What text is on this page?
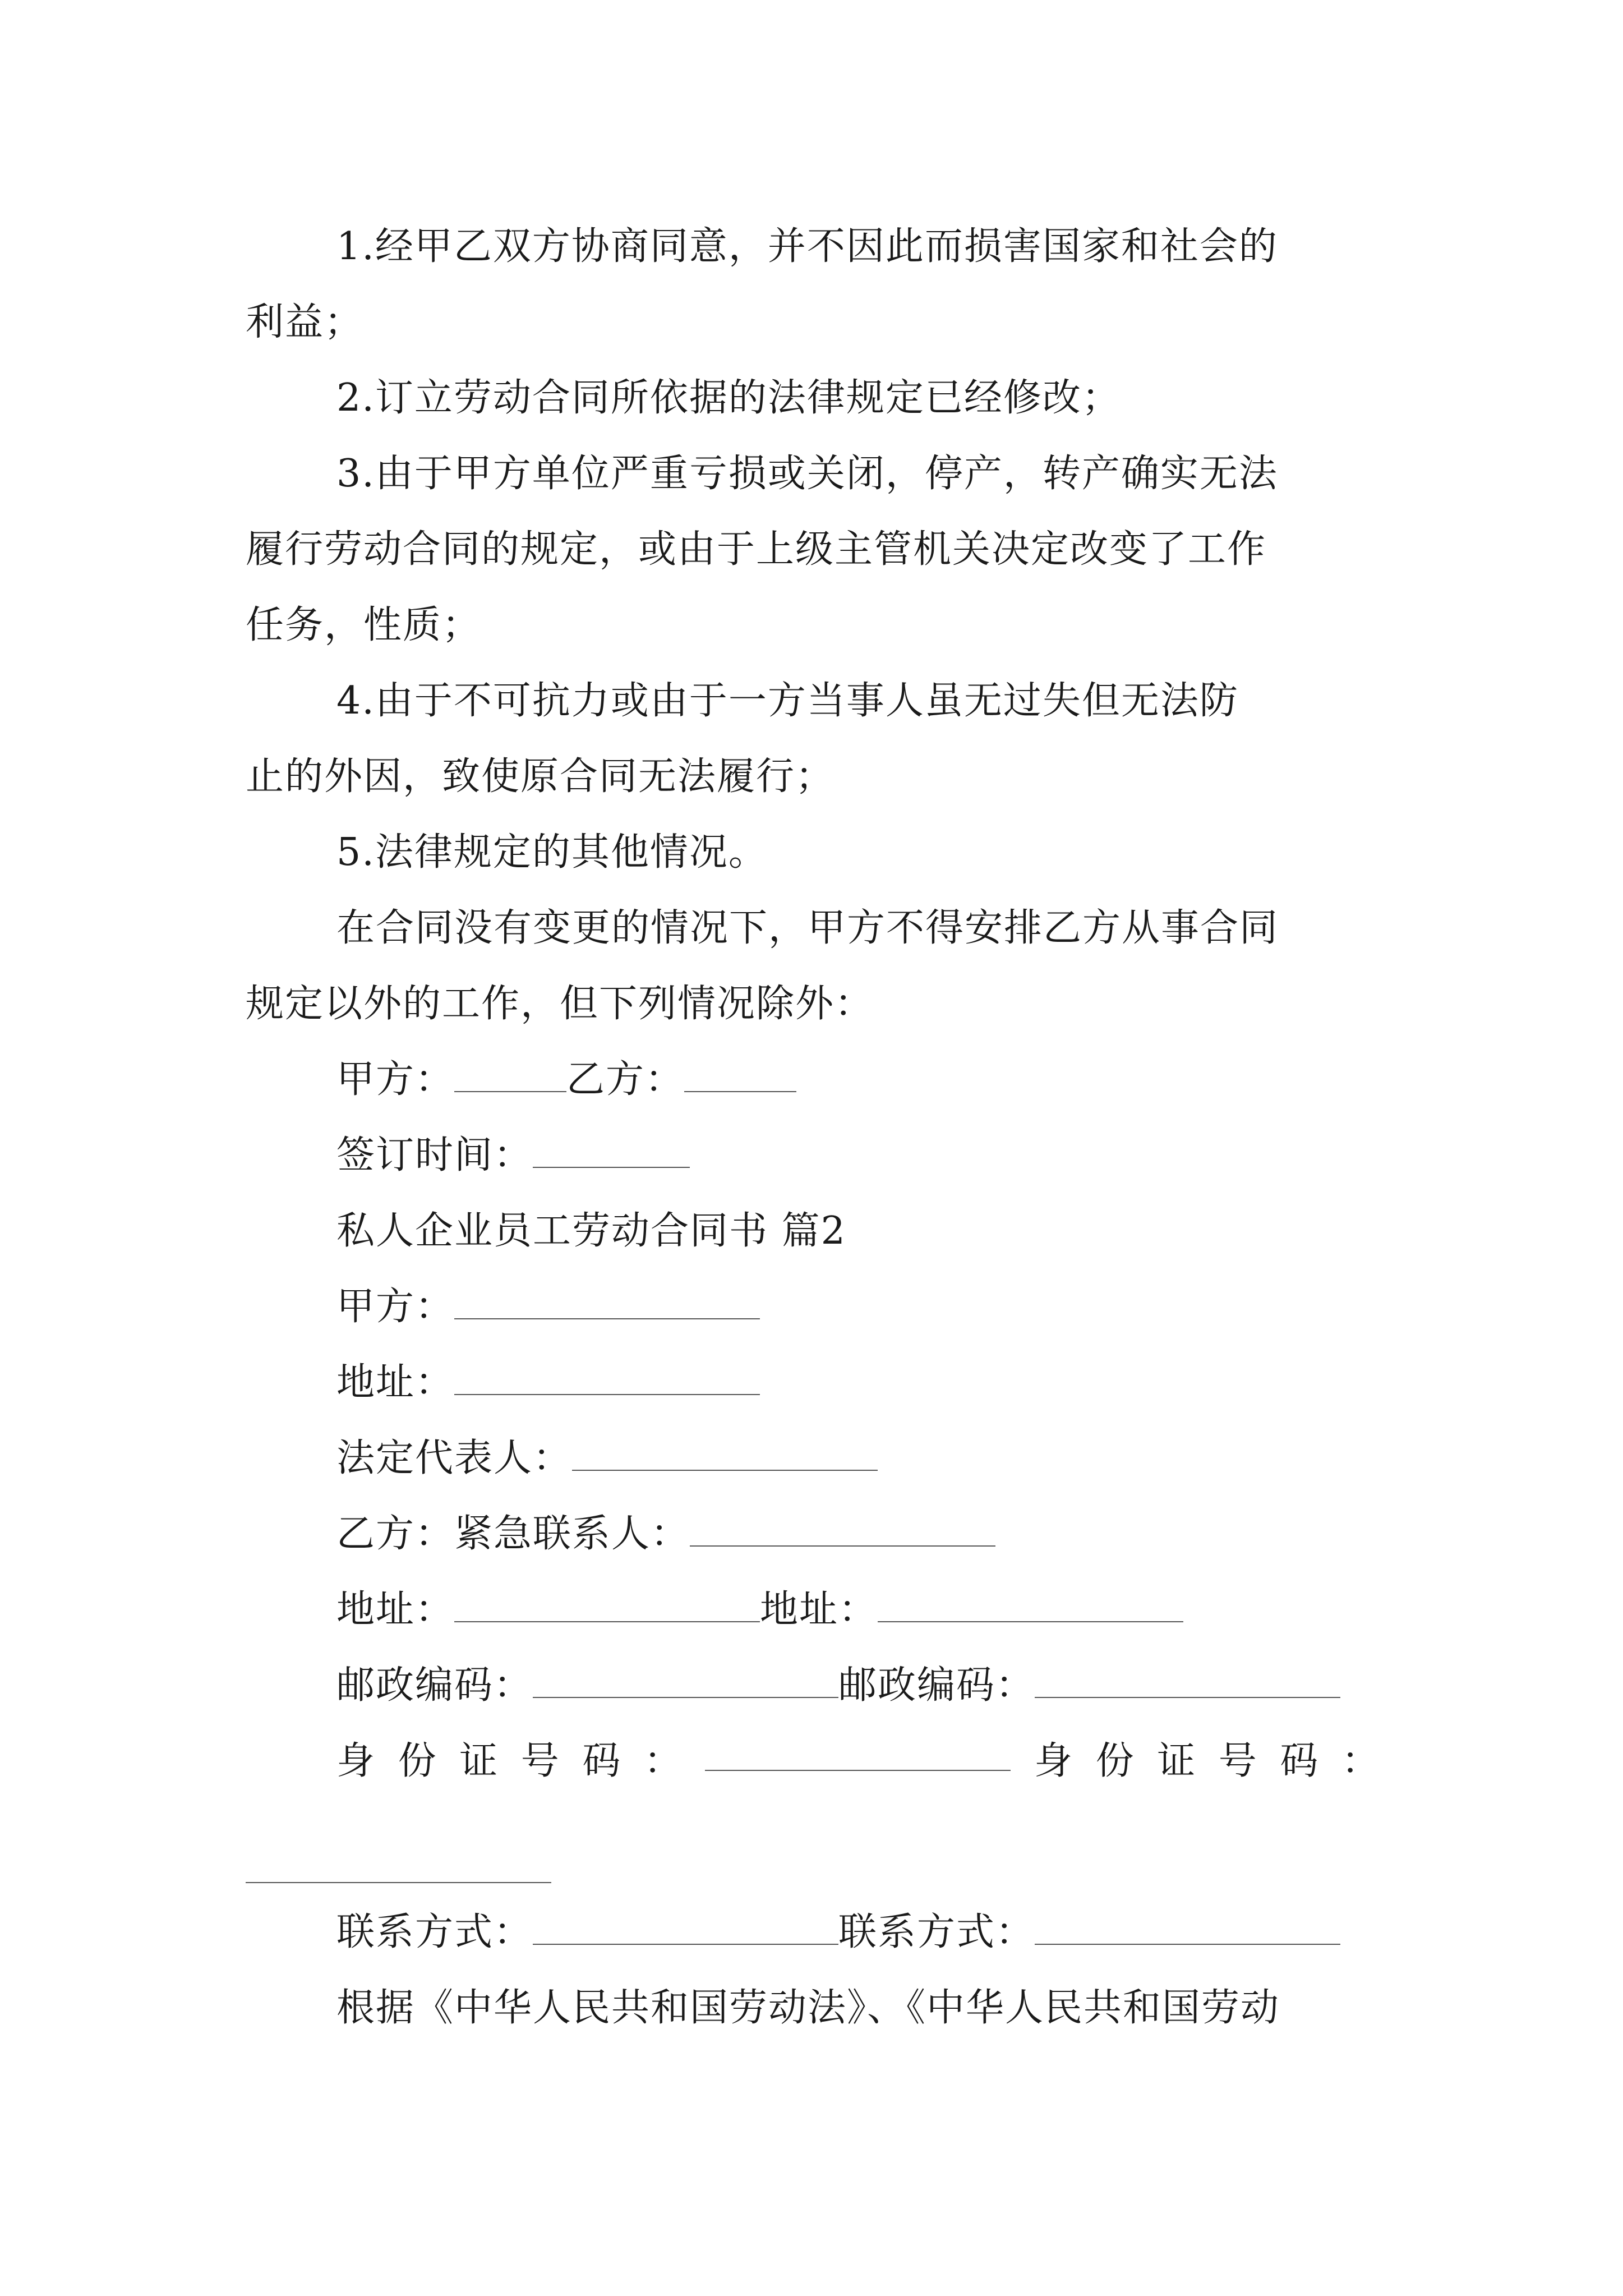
1.经甲乙双方协商同意，并不因此而损害国家和社会的
利益；
2.订立劳动合同所依据的法律规定已经修改；
3.由于甲方单位严重亏损或关闭，停产，转产确实无法
履行劳动合同的规定，或由于上级主管机关决定改变了工作
任务，性质；
4.由于不可抗力或由于一方当事人虽无过失但无法防
止的外因，致使原合同无法履行；
5.法律规定的其他情况。
在合同没有变更的情况下，甲方不得安排乙方从事合同
规定以外的工作，但下列情况除外：
甲方：	乙方：
签订时间：
私人企业员工劳动合同书 篇2
甲方：
地址：
法定代表人：
乙方：紧急联系人：
地址：	地址：
邮政编码：	邮政编码：
身 份 证 号 码 ：	身 份 证 号 码 ：
联系方式：	联系方式：
根据《中华人民共和国劳动法》、《中华人民共和国劳动
